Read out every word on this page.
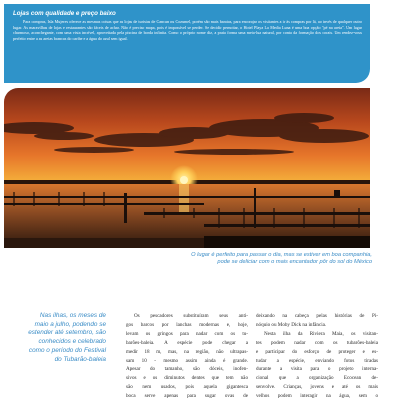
Lojas com qualidade e preço baixo

Para compras, Isla Mujeres oferece as mesmas coisas que as lojas de turistas de Cancun ou Cozumel, porém são mais baratas, para encorajar os visitantes a ir às compras por lá, ao invés de qualquer outro lugar. As maravilhas de lojas e restaurantes são fáceis de achar. Não é preciso mapa, pois é impossível se perder. Se decidir pernoitar, o Hotel Playa La Media Luna é uma boa opção "pé na areia". Um lugar charmoso, aconchegante, com uma vista incrível, aproveitada pela piscina de borda infinita. Como o próprio nome diz, a praia forma uma meia-lua natural, por conta da formação dos corais. Um rendez-vous perfeito entre a as areias brancas do caribe e a água do azul sem igual.

O lugar é perfeito para passar o dia, mas se estiver em boa companhia,
pode se deliciar com o mais encantador pôr do sol do México

Nas ilhas, os meses de
maio a julho, podendo se
estender até setembro, são
conhecidos e celebrado
como o período do Festival
do Tubarão-baleia

Os pescadores substituíram seus anti-
gos barcos por lanchas modernas e, hoje,
levam os gringos para nadar com os tu-
barões-baleia. A espécie pode chegar a
medir 18 m, mas, na região, não ultrapas-
sam 10 - mesmo assim ainda é grande.
Apesar do tamanho, são dóceis, inofen-
sivos e os diminutos dentes que tem não
são nem usados, pois aquela gigantesca
boca serve apenas para sugar ovas de

deixando na cabeça pelas histórias de Pi-
nóquio ou Moby Dick na infância.
Nesta ilha da Riviera Maia, os visitan-
tes podem nadar com os tubarões-baleia
e participar do esforço de proteger e es-
tudar a espécie, enviando fotos tiradas
durante a visita para o projeto interna-
cional que a organização Ecocean de-
senvolve. Crianças, jovens e até os mais
velhos podem interagir na água, sem o
